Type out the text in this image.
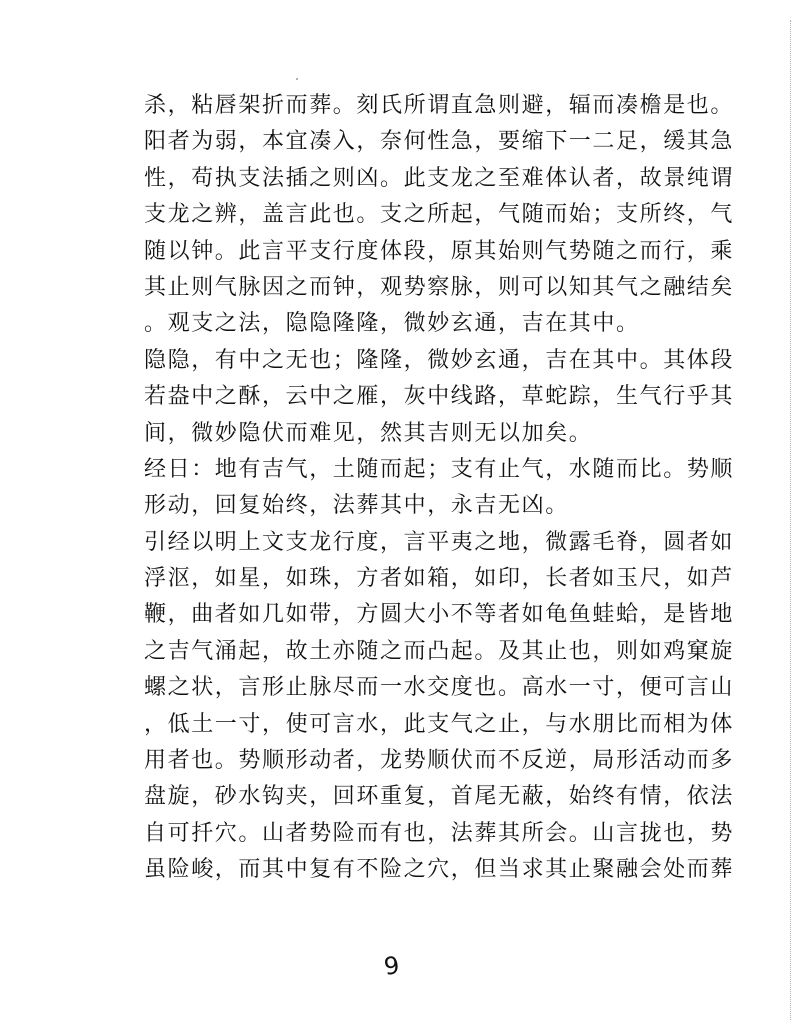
杀，粘唇架折而葬。刻氏所谓直急则避，辐而凑檐是也。
阳者为弱，本宜凑入，奈何性急，要缩下一二足，缓其急
性，苟执支法插之则凶。此支龙之至难体认者，故景纯谓
支龙之辨，盖言此也。支之所起，气随而始；支所终，气
随以钟。此言平支行度体段，原其始则气势随之而行，乘
其止则气脉因之而钟，观势察脉，则可以知其气之融结矣
。观支之法，隐隐隆隆，微妙玄通，吉在其中。
隐隐，有中之无也；隆隆，微妙玄通，吉在其中。其体段
若盎中之酥，云中之雁，灰中线路，草蛇踪，生气行乎其
间，微妙隐伏而难见，然其吉则无以加矣。
经日：地有吉气，土随而起；支有止气，水随而比。势顺
形动，回复始终，法葬其中，永吉无凶。
引经以明上文支龙行度，言平夷之地，微露毛脊，圆者如
浮沤，如星，如珠，方者如箱，如印，长者如玉尺，如芦
鞭，曲者如几如带，方圆大小不等者如龟鱼蛙蛤，是皆地
之吉气涌起，故土亦随之而凸起。及其止也，则如鸡窠旋
螺之状，言形止脉尽而一水交度也。高水一寸，便可言山
，低土一寸，使可言水，此支气之止，与水朋比而相为体
用者也。势顺形动者，龙势顺伏而不反逆，局形活动而多
盘旋，砂水钩夹，回环重复，首尾无蔽，始终有情，依法
自可扦穴。山者势险而有也，法葬其所会。山言拢也，势
虽险峻，而其中复有不险之穴，但当求其止聚融会处而葬
9
